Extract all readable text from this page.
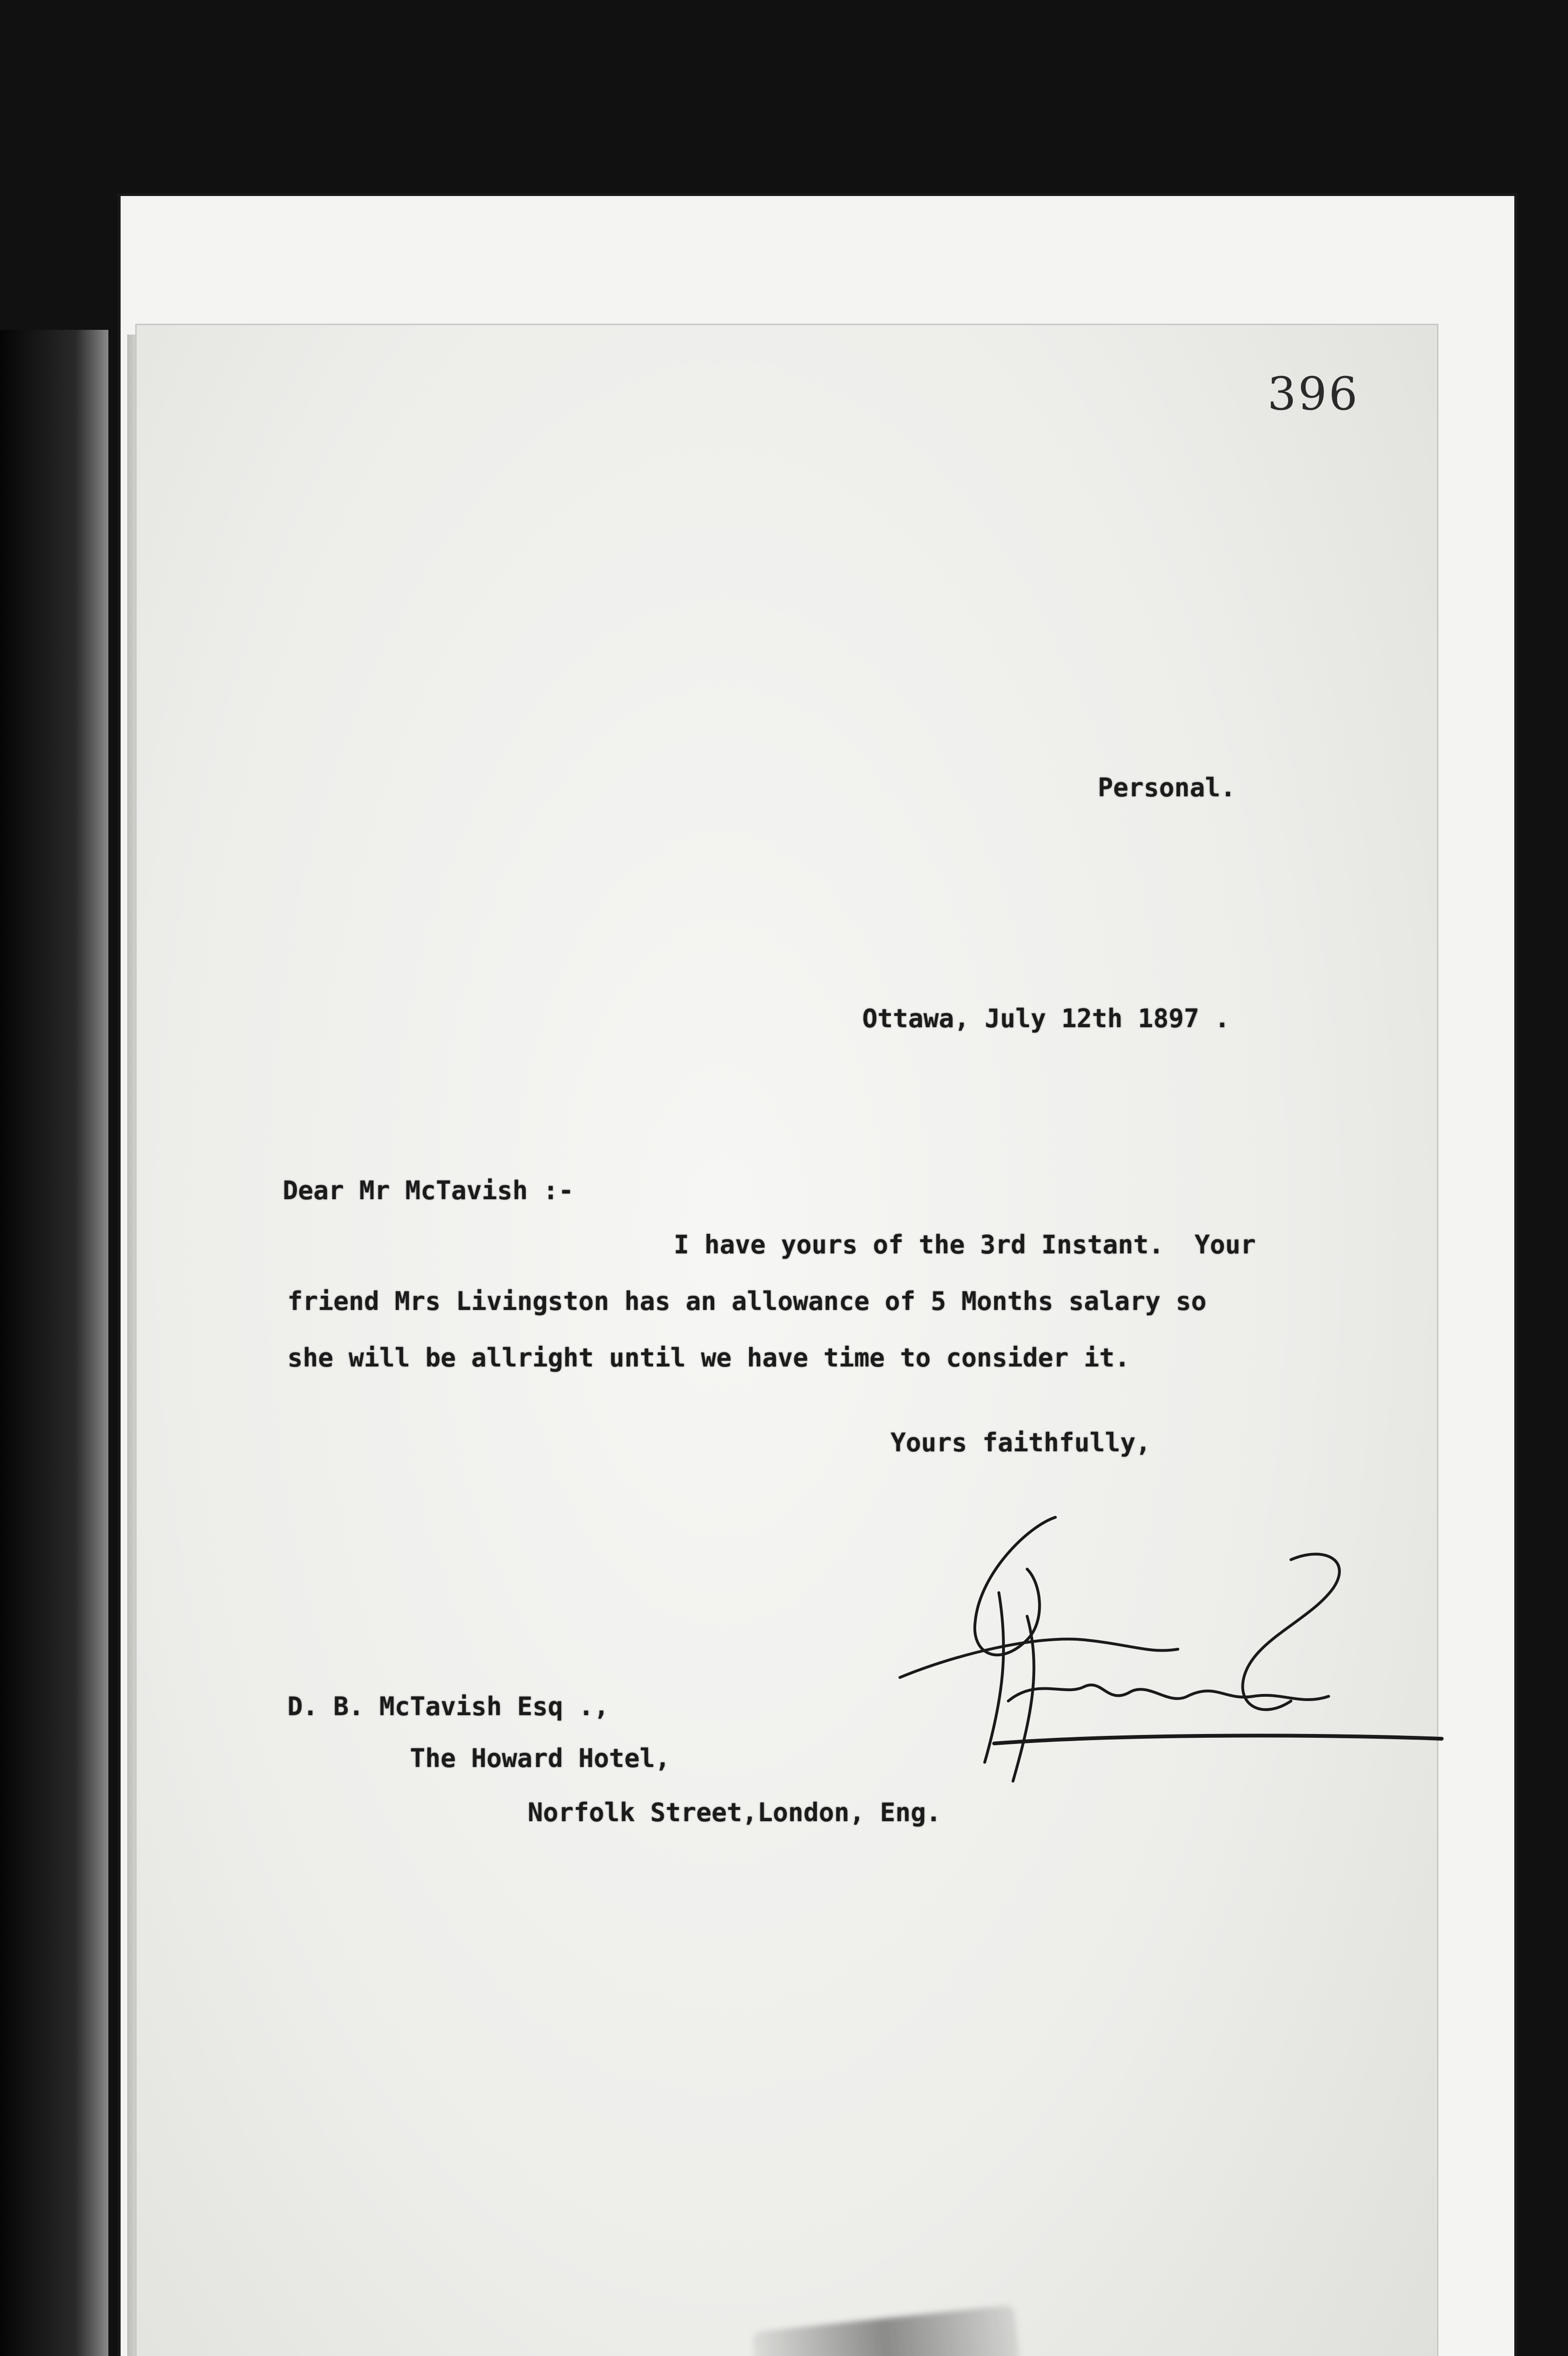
396
Personal.
Ottawa, July 12th 1897 .
Dear Mr McTavish :-
I have yours of the 3rd Instant.  Your
friend Mrs Livingston has an allowance of 5 Months salary so
she will be allright until we have time to consider it.
Yours faithfully,
D. B. McTavish Esq .,
The Howard Hotel,
Norfolk Street,London, Eng.
